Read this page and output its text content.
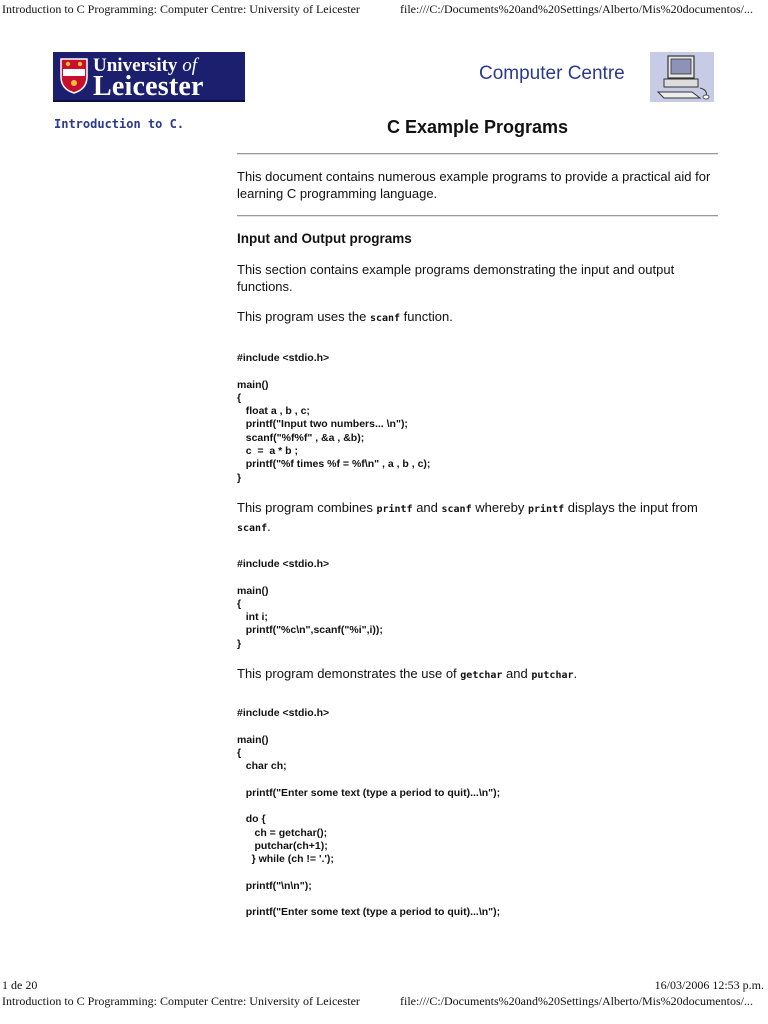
Introduction to C Programming: Computer Centre: University of Leicester	file:///C:/Documents%20and%20Settings/Alberto/Mis%20documentos/...
University of
Leicester	Computer Centre
Introduction to C.	C Example Programs
This document contains numerous example programs to provide a practical aid for learning C programming language.
Input and Output programs
This section contains example programs demonstrating the input and output functions.
This program uses the scanf function.
#include <stdio.h>

main()
{
float a , b , c;
printf("Input two numbers... \n");
scanf("%f%f" , &a , &b);
c  =  a * b ;
printf("%f times %f = %f\n" , a , b , c);
}
This program combines printf and scanf whereby printf displays the input from scanf.
#include <stdio.h>

main()
{
int i;
printf("%c\n",scanf("%i",i));
}
This program demonstrates the use of getchar and putchar.
#include <stdio.h>

main()
{
char ch;

printf("Enter some text (type a period to quit)...\n");

do {
ch = getchar();
putchar(ch+1);
} while (ch != '.');

printf("\n\n");

printf("Enter some text (type a period to quit)...\n");
1 de 20	16/03/2006 12:53 p.m.
Introduction to C Programming: Computer Centre: University of Leicester	file:///C:/Documents%20and%20Settings/Alberto/Mis%20documentos/...
